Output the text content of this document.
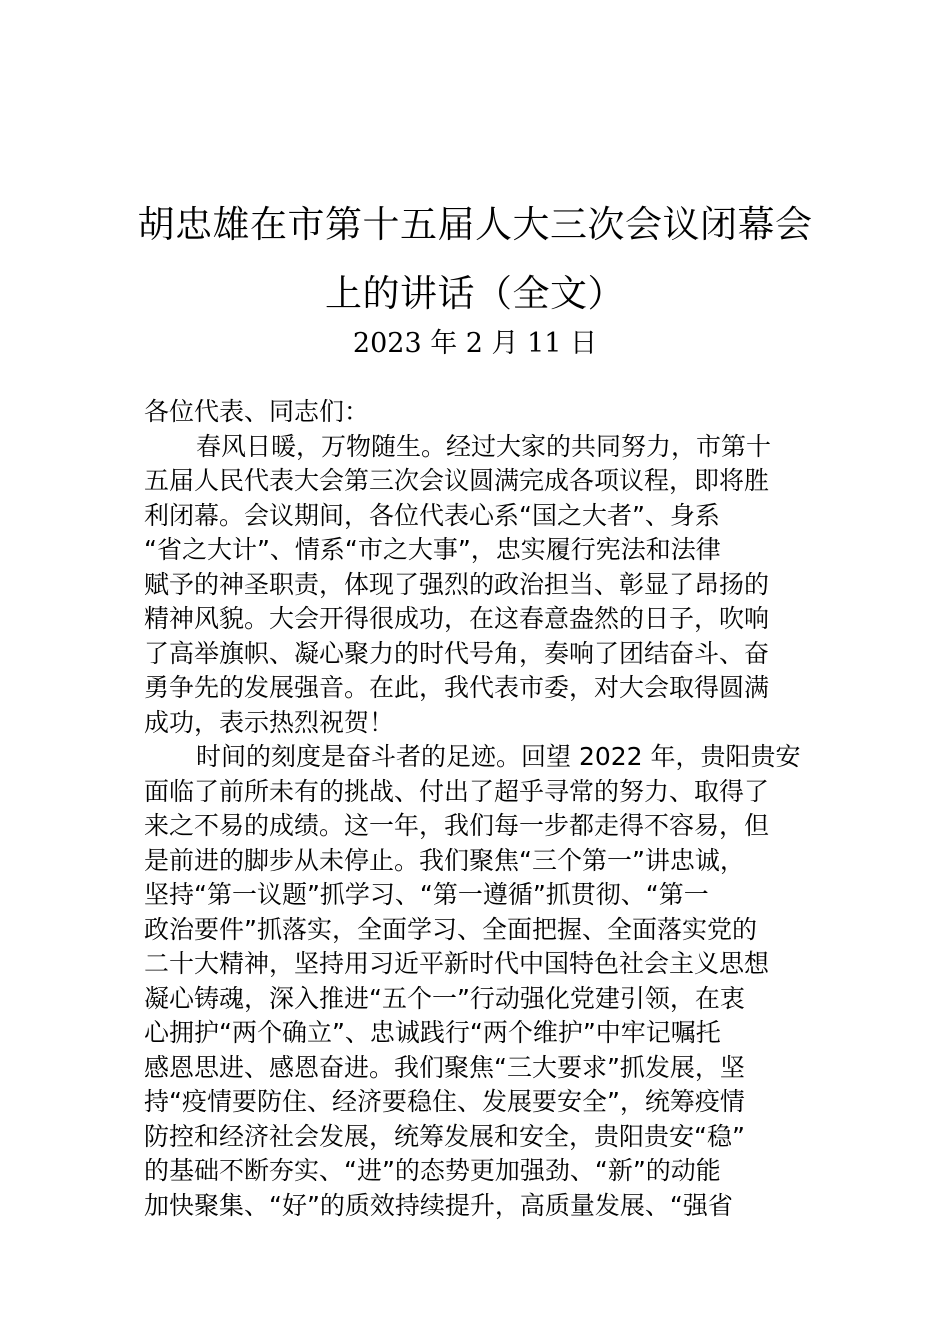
胡忠雄在市第十五届人大三次会议闭幕会
上的讲话（全文）
2023 年 2 月 11 日
各位代表、同志们：
春风日暖，万物随生。经过大家的共同努力，市第十
五届人民代表大会第三次会议圆满完成各项议程，即将胜
利闭幕。会议期间，各位代表心系“国之大者”、身系
“省之大计”、情系“市之大事”，忠实履行宪法和法律
赋予的神圣职责，体现了强烈的政治担当、彰显了昂扬的
精神风貌。大会开得很成功，在这春意盎然的日子，吹响
了高举旗帜、凝心聚力的时代号角，奏响了团结奋斗、奋
勇争先的发展强音。在此，我代表市委，对大会取得圆满
成功，表示热烈祝贺！
时间的刻度是奋斗者的足迹。回望 2022 年，贵阳贵安
面临了前所未有的挑战、付出了超乎寻常的努力、取得了
来之不易的成绩。这一年，我们每一步都走得不容易，但
是前进的脚步从未停止。我们聚焦“三个第一”讲忠诚，
坚持“第一议题”抓学习、“第一遵循”抓贯彻、“第一
政治要件”抓落实，全面学习、全面把握、全面落实党的
二十大精神，坚持用习近平新时代中国特色社会主义思想
凝心铸魂，深入推进“五个一”行动强化党建引领，在衷
心拥护“两个确立”、忠诚践行“两个维护”中牢记嘱托
感恩思进、感恩奋进。我们聚焦“三大要求”抓发展，坚
持“疫情要防住、经济要稳住、发展要安全”，统筹疫情
防控和经济社会发展，统筹发展和安全，贵阳贵安“稳”
的基础不断夯实、“进”的态势更加强劲、“新”的动能
加快聚集、“好”的质效持续提升，高质量发展、“强省
